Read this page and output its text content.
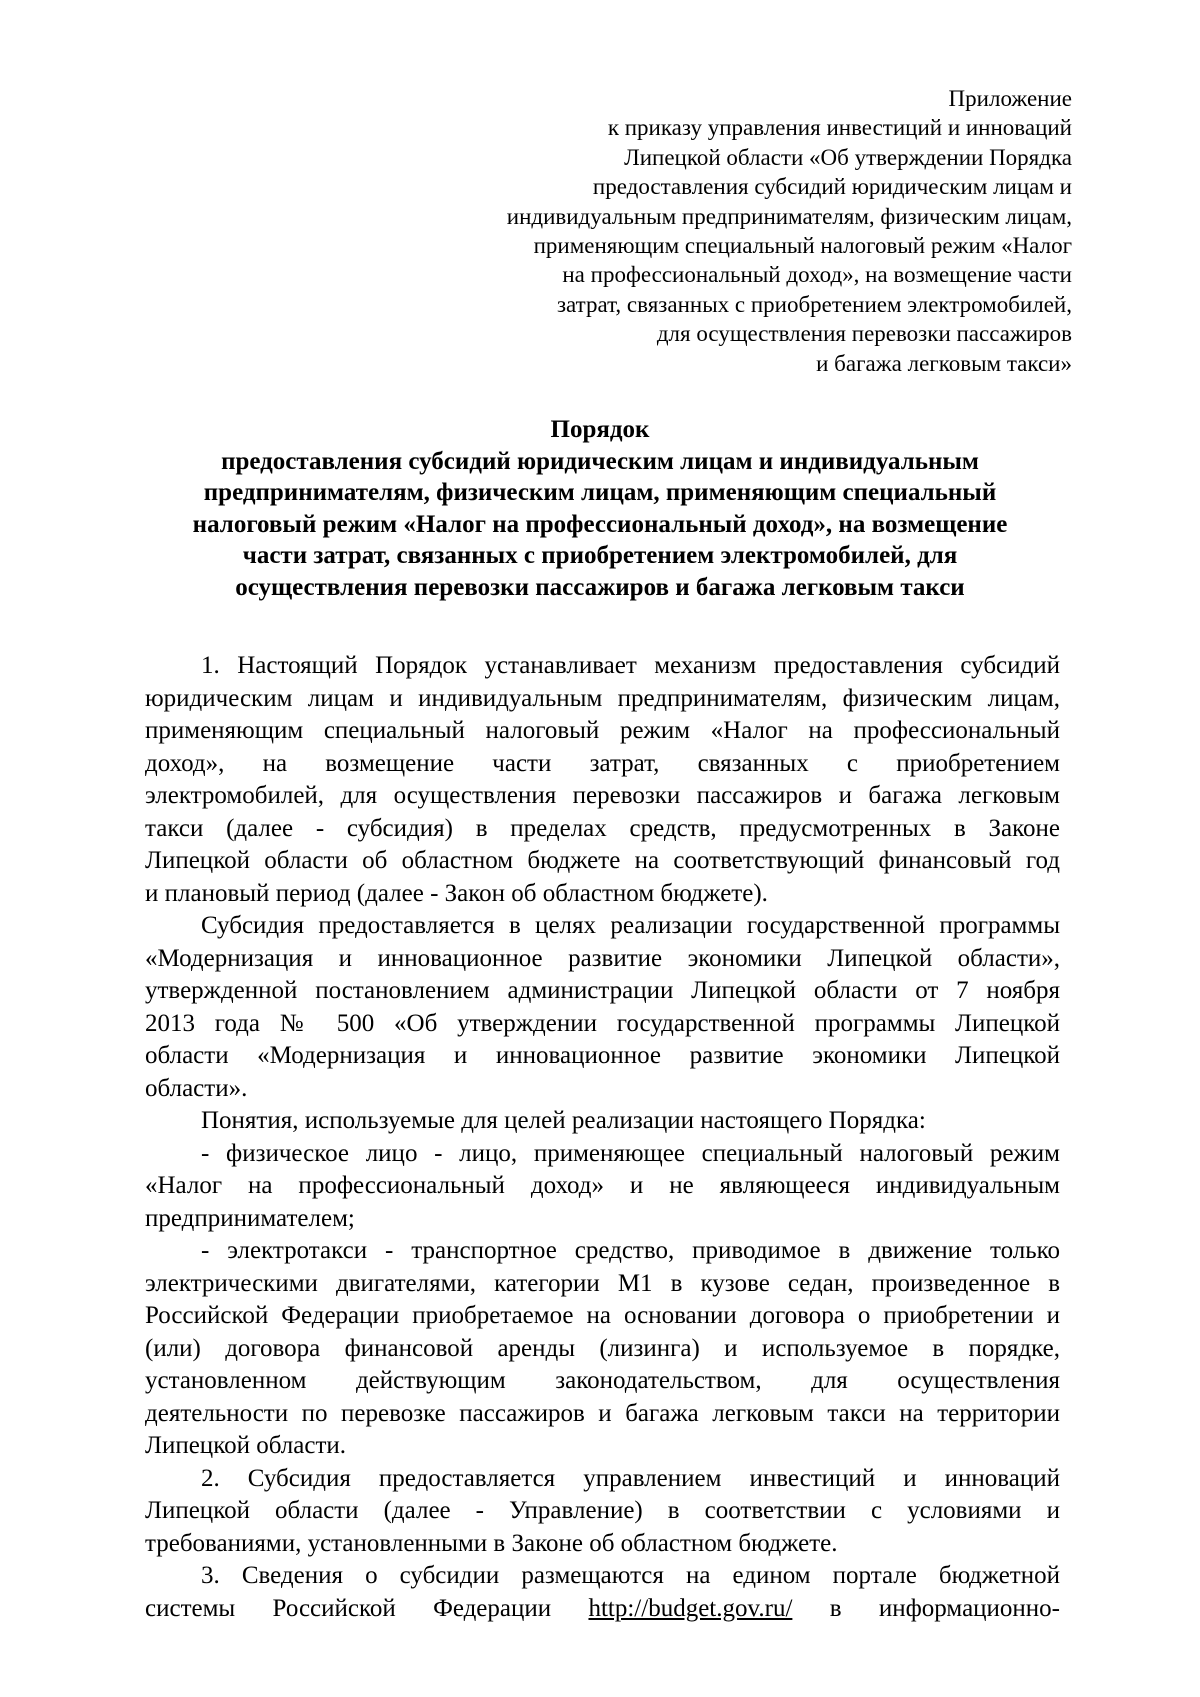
Приложение
к приказу управления инвестиций и инноваций
Липецкой области «Об утверждении Порядка
предоставления субсидий юридическим лицам и
индивидуальным предпринимателям, физическим лицам,
применяющим специальный налоговый режим «Налог
на профессиональный доход», на возмещение части
затрат, связанных с приобретением электромобилей,
для осуществления перевозки пассажиров
и багажа легковым такси»
Порядок
предоставления субсидий юридическим лицам и индивидуальным
предпринимателям, физическим лицам, применяющим специальный
налоговый режим «Налог на профессиональный доход», на возмещение
части затрат, связанных с приобретением электромобилей, для
осуществления перевозки пассажиров и багажа легковым такси
1. Настоящий Порядок устанавливает механизм предоставления субсидий
юридическим лицам и индивидуальным предпринимателям, физическим лицам,
применяющим специальный налоговый режим «Налог на профессиональный
доход», на возмещение части затрат, связанных с приобретением
электромобилей, для осуществления перевозки пассажиров и багажа легковым
такси (далее - субсидия) в пределах средств, предусмотренных в Законе
Липецкой области об областном бюджете на соответствующий финансовый год
и плановый период (далее - Закон об областном бюджете).
Субсидия предоставляется в целях реализации государственной программы
«Модернизация и инновационное развитие экономики Липецкой области»,
утвержденной постановлением администрации Липецкой области от 7 ноября
2013 года № 500 «Об утверждении государственной программы Липецкой
области «Модернизация и инновационное развитие экономики Липецкой
области».
Понятия, используемые для целей реализации настоящего Порядка:
- физическое лицо - лицо, применяющее специальный налоговый режим
«Налог на профессиональный доход» и не являющееся индивидуальным
предпринимателем;
- электротакси - транспортное средство, приводимое в движение только
электрическими двигателями, категории М1 в кузове седан, произведенное в
Российской Федерации приобретаемое на основании договора о приобретении и
(или) договора финансовой аренды (лизинга) и используемое в порядке,
установленном действующим законодательством, для осуществления
деятельности по перевозке пассажиров и багажа легковым такси на территории
Липецкой области.
2. Субсидия предоставляется управлением инвестиций и инноваций
Липецкой области (далее - Управление) в соответствии с условиями и
требованиями, установленными в Законе об областном бюджете.
3. Сведения о субсидии размещаются на едином портале бюджетной
системы Российской Федерации http://budget.gov.ru/ в информационно-
